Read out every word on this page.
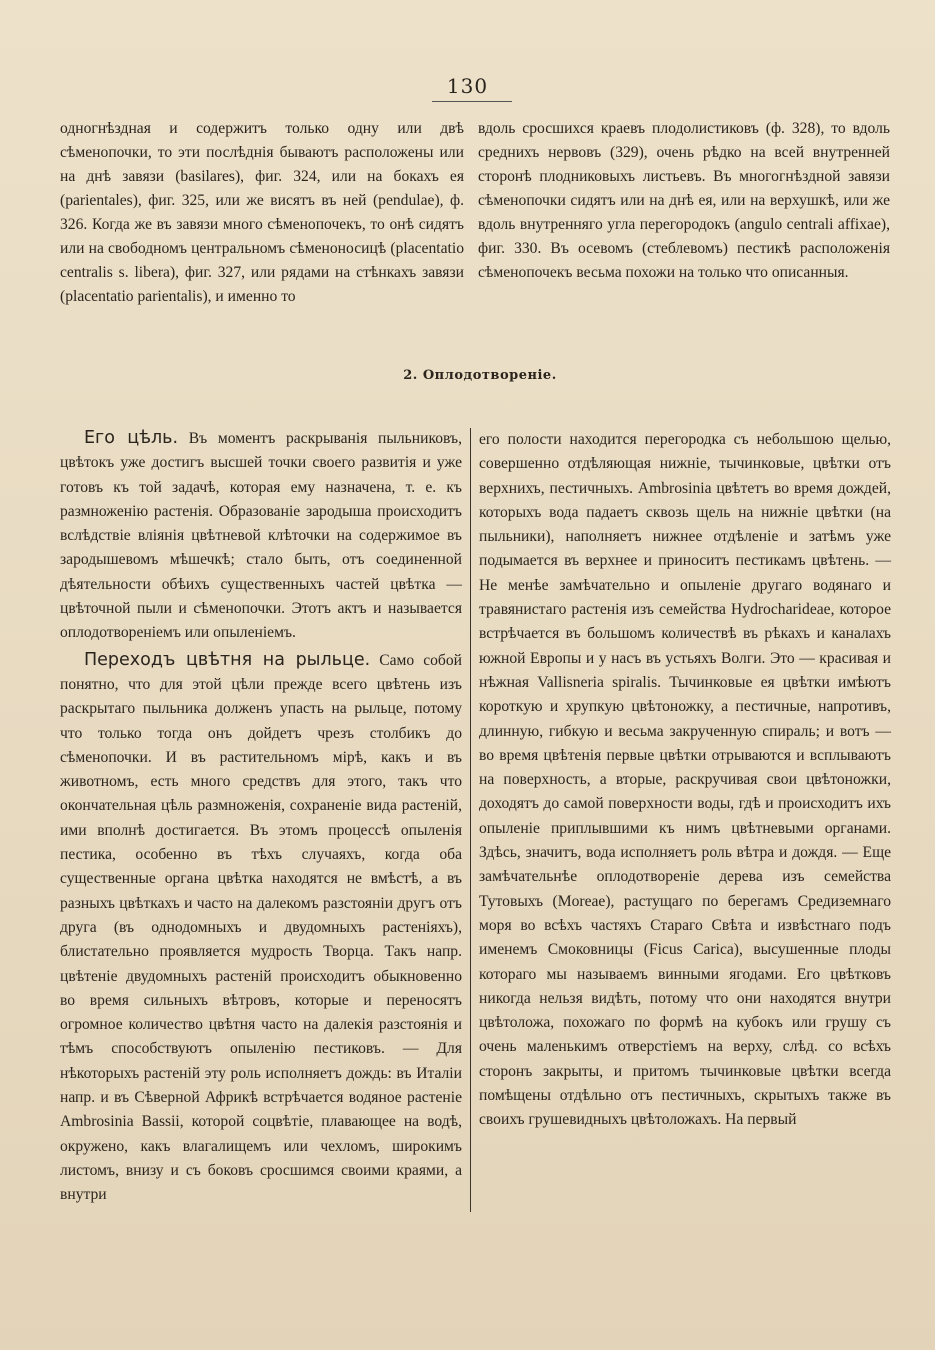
130

одногнѣздная и содержитъ только одну или двѣ сѣменопочки, то эти послѣднiя бываютъ расположены или на днѣ завязи (basilares), фиг. 324, или на бокахъ ея (parientales), фиг. 325, или же висятъ въ ней (pendulae), ф. 326. Когда же въ завязи много сѣменопочекъ, то онѣ сидятъ или на свободномъ центральномъ сѣменоносицѣ (placentatio centralis s. libera), фиг. 327, или рядами на стѣнкахъ завязи (placentatio parientalis), и именно то

вдоль сросшихся краевъ плодолистиковъ (ф. 328), то вдоль среднихъ нервовъ (329), очень рѣдко на всей внутренней сторонѣ плодниковыхъ листьевъ. Въ многогнѣздной завязи сѣменопочки сидятъ или на днѣ ея, или на верхушкѣ, или же вдоль внутренняго угла перегородокъ (angulo centrali affixae), фиг. 330. Въ осевомъ (стеблевомъ) пестикѣ расположенiя сѣменопочекъ весьма похожи на только что описанныя.

2. Оплодотворенiе.
Его цѣль. Въ моментъ раскрыванiя пыльниковъ, цвѣтокъ уже достигъ высшей точки своего развитiя и уже готовъ къ той задачѣ, которая ему назначена, т. е. къ размноженiю растенiя. Образованiе зародыша происходитъ вслѣдствiе влiянiя цвѣтневой клѣточки на содержимое въ зародышевомъ мѣшечкѣ; стало быть, отъ соединенной дѣятельности обѣихъ существенныхъ частей цвѣтка — цвѣточной пыли и сѣменопочки. Этотъ актъ и называется оплодотворенiемъ или опыленiемъ.
Переходъ цвѣтня на рыльце. Само собой понятно, что для этой цѣли прежде всего цвѣтень изъ раскрытаго пыльника долженъ упасть на рыльце, потому что только тогда онъ дойдетъ чрезъ столбикъ до сѣменопочки. И въ растительномъ мiрѣ, какъ и въ животномъ, есть много средствъ для этого, такъ что окончательная цѣль размноженiя, сохраненiе вида растенiй, ими вполнѣ достигается. Въ этомъ процессѣ опыленiя пестика, особенно въ тѣхъ случаяхъ, когда оба существенные органа цвѣтка находятся не вмѣстѣ, а въ разныхъ цвѣткахъ и часто на далекомъ разстоянiи другъ отъ друга (въ однодомныхъ и двудомныхъ растенiяхъ), блистательно проявляется мудрость Творца. Такъ напр. цвѣтенiе двудомныхъ растенiй происходитъ обыкновенно во время сильныхъ вѣтровъ, которые и переносятъ огромное количество цвѣтня часто на далекiя разстоянiя и тѣмъ способствуютъ опыленiю пестиковъ. — Для нѣкоторыхъ растенiй эту роль исполняетъ дождь: въ Италiи напр. и въ Сѣверной Африкѣ встрѣчается водяное растенiе Ambrosinia Bassii, которой соцвѣтiе, плавающее на водѣ, окружено, какъ влагалищемъ или чехломъ, широкимъ листомъ, внизу и съ боковъ сросшимся своими краями, а внутри

его полости находится перегородка съ небольшою щелью, совершенно отдѣляющая нижнiе, тычинковые, цвѣтки отъ верхнихъ, пестичныхъ. Ambrosinia цвѣтетъ во время дождей, которыхъ вода падаетъ сквозь щель на нижнiе цвѣтки (на пыльники), наполняетъ нижнее отдѣленiе и затѣмъ уже подымается въ верхнее и приноситъ пестикамъ цвѣтень. — Не менѣе замѣчательно и опыленiе другаго водянаго и травянистаго растенiя изъ семейства Hydrocharideae, которое встрѣчается въ большомъ количествѣ въ рѣкахъ и каналахъ южной Европы и у насъ въ устьяхъ Волги. Это — красивая и нѣжная Vallisneria spiralis. Тычинковые ея цвѣтки имѣютъ короткую и хрупкую цвѣтоножку, а пестичные, напротивъ, длинную, гибкую и весьма закрученную спираль; и вотъ — во время цвѣтенiя первые цвѣтки отрываются и всплываютъ на поверхность, а вторые, раскручивая свои цвѣтоножки, доходятъ до самой поверхности воды, гдѣ и происходитъ ихъ опыленiе приплывшими къ нимъ цвѣтневыми органами. Здѣсь, значитъ, вода исполняетъ роль вѣтра и дождя. — Еще замѣчательнѣе оплодотворенiе дерева изъ семейства Тутовыхъ (Moreae), растущаго по берегамъ Средиземнаго моря во всѣхъ частяхъ Стараго Свѣта и извѣстнаго подъ именемъ Смоковницы (Ficus Carica), высушенные плоды котораго мы называемъ винными ягодами. Его цвѣтковъ никогда нельзя видѣть, потому что они находятся внутри цвѣтоложа, похожаго по формѣ на кубокъ или грушу съ очень маленькимъ отверстiемъ на верху, слѣд. со всѣхъ сторонъ закрыты, и притомъ тычинковые цвѣтки всегда помѣщены отдѣльно отъ пестичныхъ, скрытыхъ также въ своихъ грушевидныхъ цвѣтоложахъ. На первый
